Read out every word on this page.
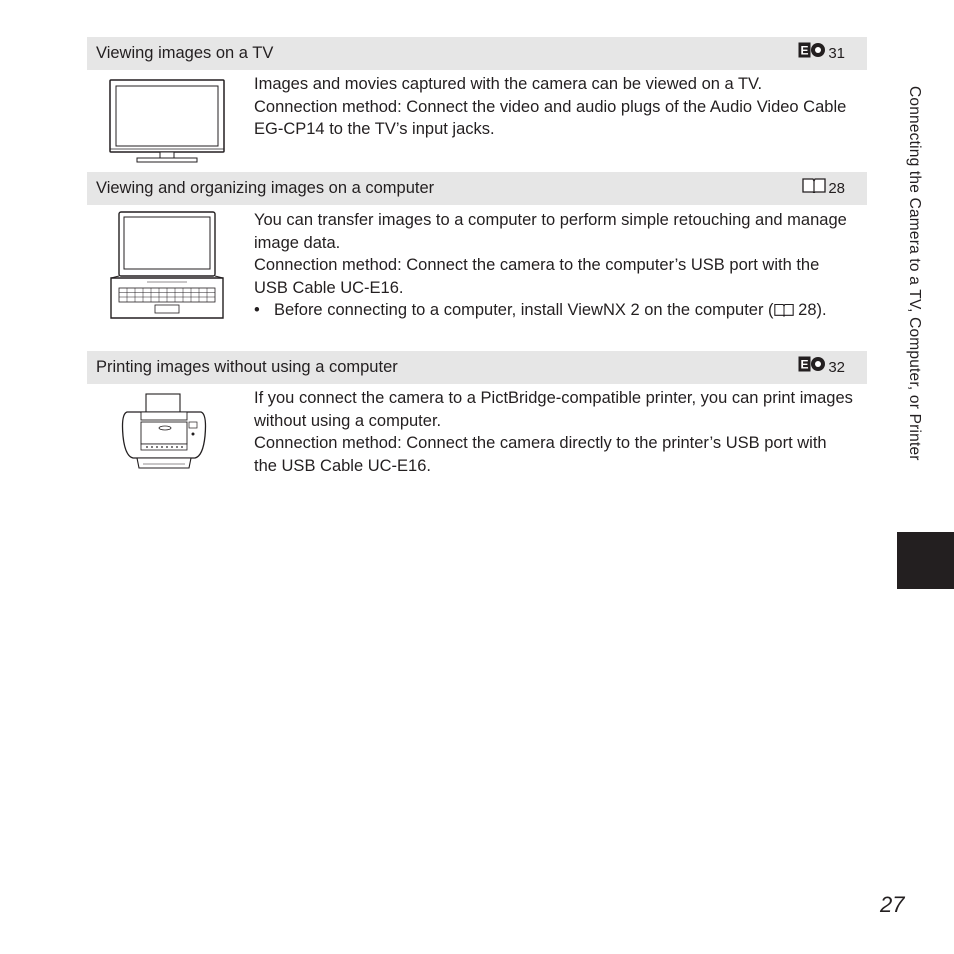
Viewing images on a TV	E 31

Images and movies captured with the camera can be viewed on a TV.

Connection method: Connect the video and audio plugs of the Audio Video Cable EG-CP14 to the TV’s input jacks.

Viewing and organizing images on a computer	28

You can transfer images to a computer to perform simple retouching and manage image data.

Connection method: Connect the camera to the computer’s USB port with the USB Cable UC-E16.

• Before connecting to a computer, install ViewNX 2 on the computer (
28 ).
Printing images without using a computer	E 32

If you connect the camera to a PictBridge-compatible printer, you can print images without using a computer.

Connection method: Connect the camera directly to the printer’s USB port with the USB Cable UC-E16.

Connecting the Camera to a TV, Computer, or Printer
27
